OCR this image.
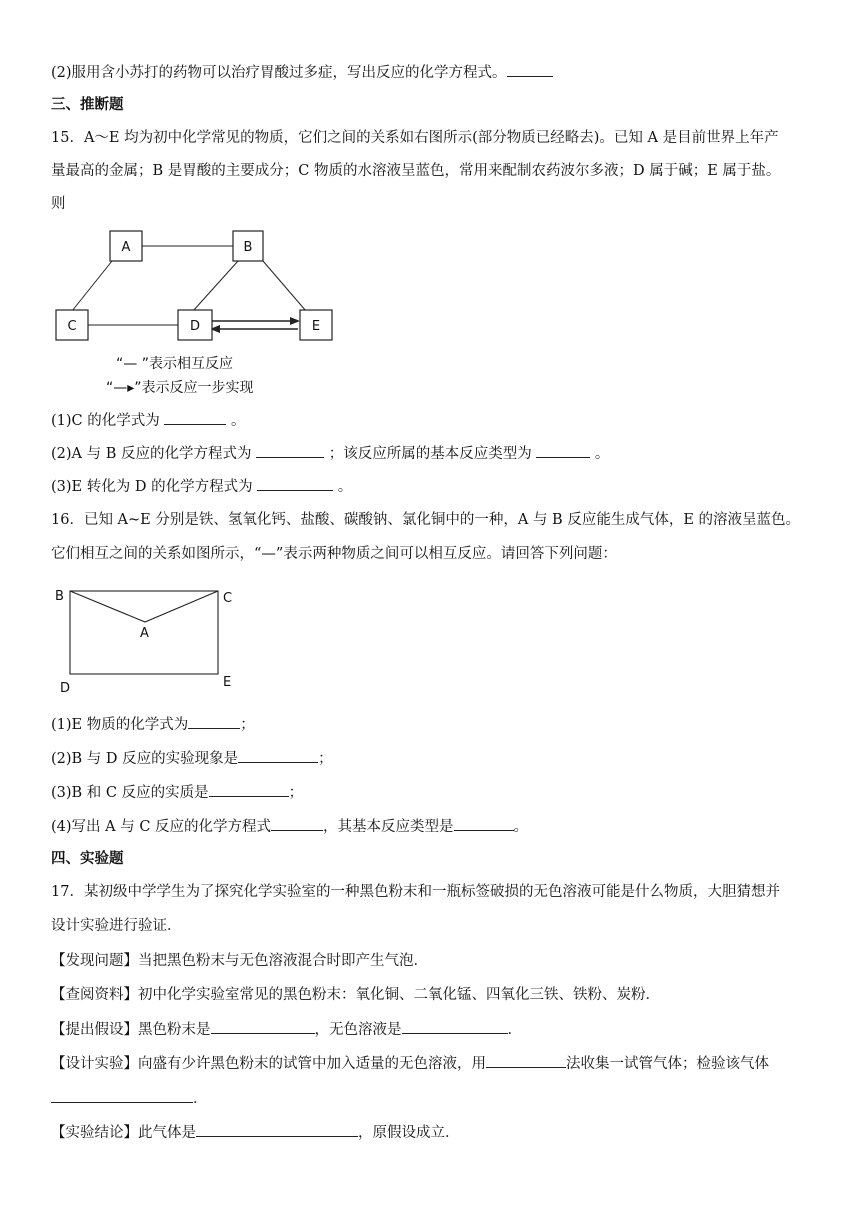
(2)服用含小苏打的药物可以治疗胃酸过多症，写出反应的化学方程式。
三、推断题
15．A～E 均为初中化学常见的物质，它们之间的关系如右图所示(部分物质已经略去)。已知 A 是目前世界上年产
量最高的金属；B 是胃酸的主要成分；C 物质的水溶液呈蓝色，常用来配制农药波尔多液；D 属于碱；E 属于盐。
则
A	B
C	D	E
“— ”表示相互反应
“—▸”表示反应一步实现
(1)C 的化学式为	。
(2)A 与 B 反应的化学方程式为	；该反应所属的基本反应类型为	。
(3)E 转化为 D 的化学方程式为	。
16．已知 A~E 分别是铁、氢氧化钙、盐酸、碳酸钠、氯化铜中的一种，A 与 B 反应能生成气体，E 的溶液呈蓝色。
它们相互之间的关系如图所示，“—”表示两种物质之间可以相互反应。请回答下列问题：
B	C
A
D	E
(1)E 物质的化学式为	；
(2)B 与 D 反应的实验现象是	；
(3)B 和 C 反应的实质是	；
(4)写出 A 与 C 反应的化学方程式	，其基本反应类型是	。
四、实验题
17．某初级中学学生为了探究化学实验室的一种黑色粉末和一瓶标签破损的无色溶液可能是什么物质，大胆猜想并
设计实验进行验证．
【发现问题】当把黑色粉末与无色溶液混合时即产生气泡．
【查阅资料】初中化学实验室常见的黑色粉末：氧化铜、二氧化锰、四氧化三铁、铁粉、炭粉．
【提出假设】黑色粉末是	，无色溶液是	．
【设计实验】向盛有少许黑色粉末的试管中加入适量的无色溶液，用	法收集一试管气体；检验该气体
．
【实验结论】此气体是	，原假设成立．
